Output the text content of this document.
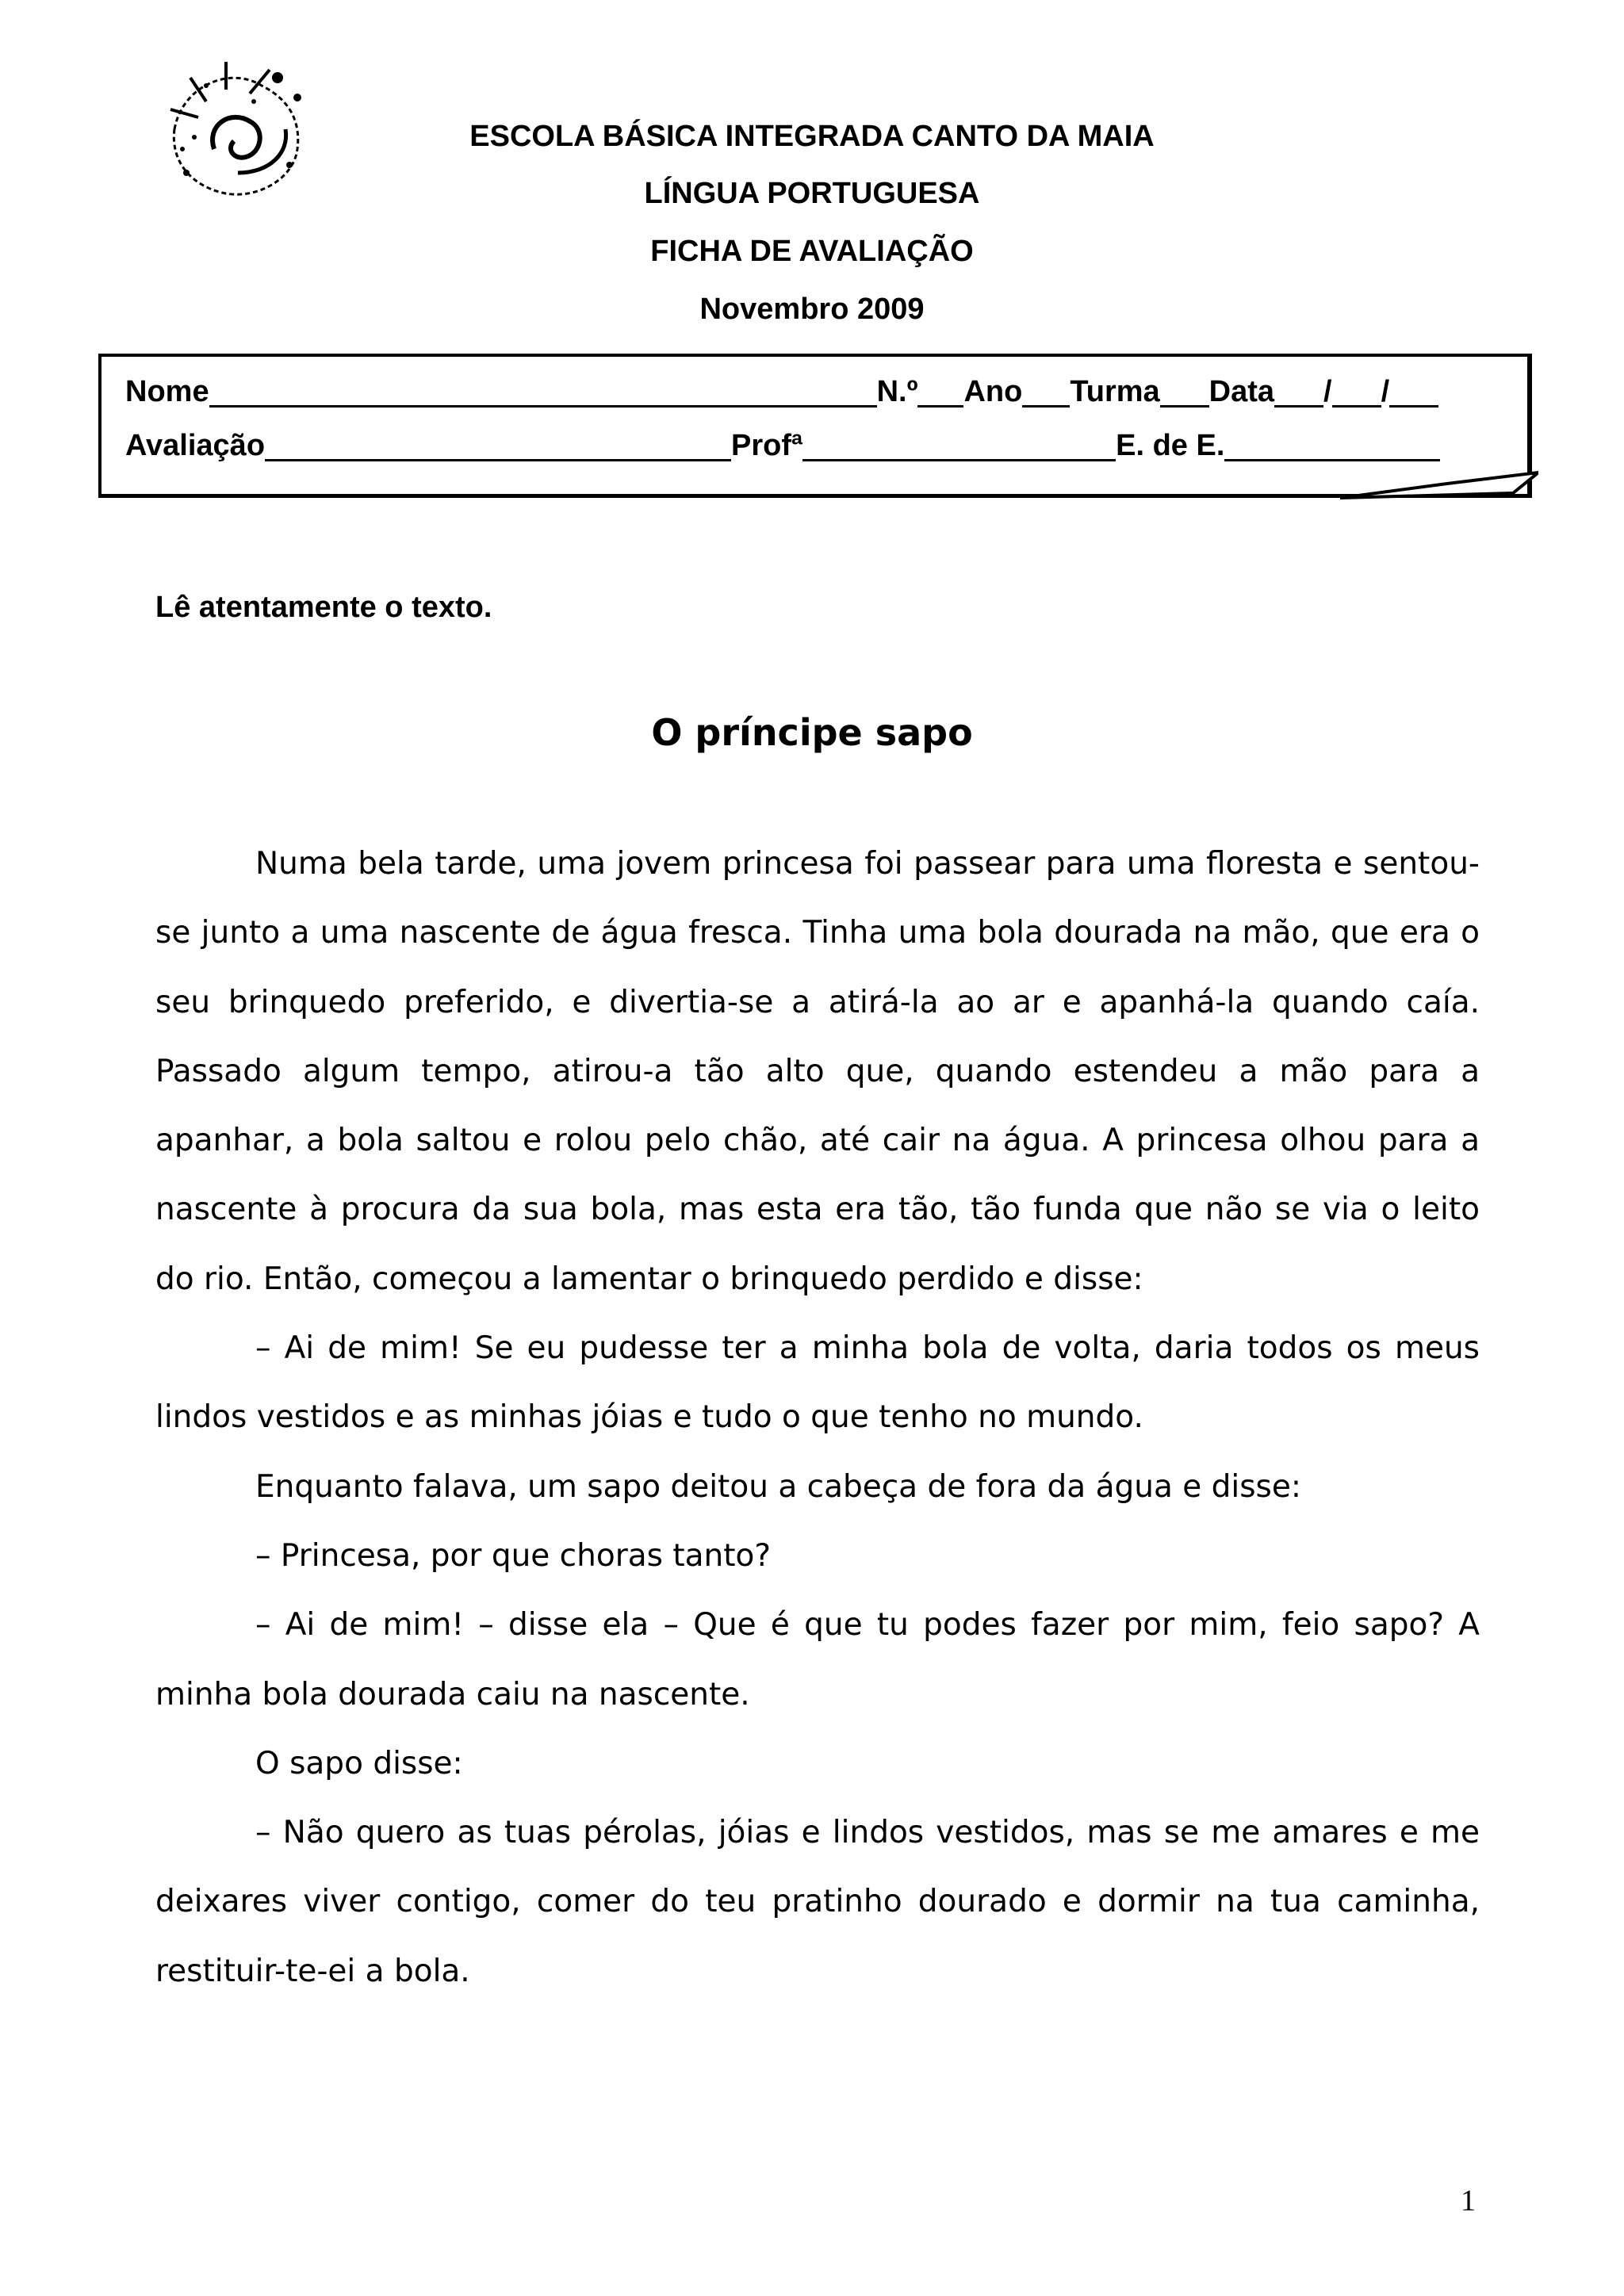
ESCOLA BÁSICA INTEGRADA CANTO DA MAIA
LÍNGUA PORTUGUESA
FICHA DE AVALIAÇÃO
Novembro 2009
Nome	N.º Ano Turma Data / /
Avaliação	Profª	E. de E.
Lê atentamente o texto.
O príncipe sapo

Numa bela tarde, uma jovem princesa foi passear para uma floresta e sentou-se junto a uma nascente de água fresca. Tinha uma bola dourada na mão, que era o seu brinquedo preferido, e divertia-se a atirá-la ao ar e apanhá-la quando caía. Passado algum tempo, atirou-a tão alto que, quando estendeu a mão para a apanhar, a bola saltou e rolou pelo chão, até cair na água. A princesa olhou para a nascente à procura da sua bola, mas esta era tão, tão funda que não se via o leito do rio. Então, começou a lamentar o brinquedo perdido e disse:

– Ai de mim! Se eu pudesse ter a minha bola de volta, daria todos os meus lindos vestidos e as minhas jóias e tudo o que tenho no mundo.

Enquanto falava, um sapo deitou a cabeça de fora da água e disse:

– Princesa, por que choras tanto?

– Ai de mim! – disse ela – Que é que tu podes fazer por mim, feio sapo? A minha bola dourada caiu na nascente.

O sapo disse:

– Não quero as tuas pérolas, jóias e lindos vestidos, mas se me amares e me deixares viver contigo, comer do teu pratinho dourado e dormir na tua caminha, restituir-te-ei a bola.

1
